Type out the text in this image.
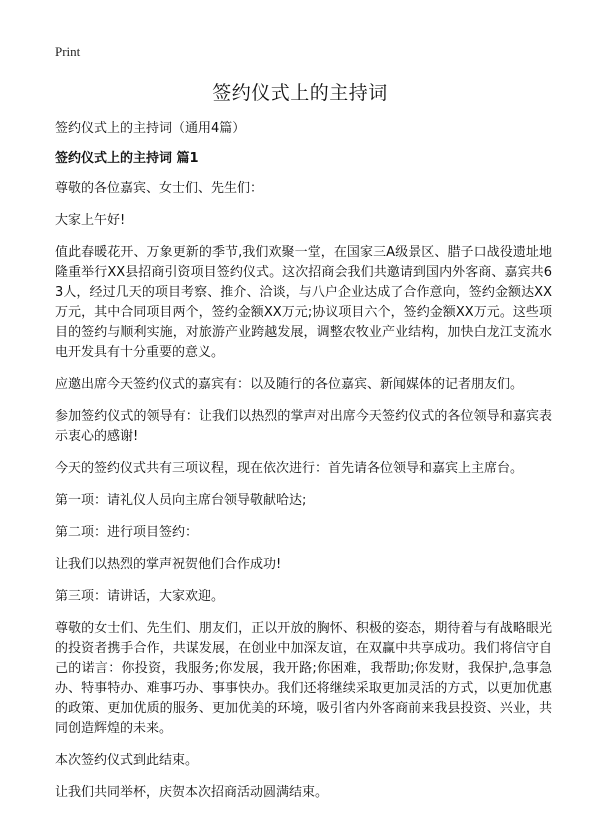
Print
签约仪式上的主持词

签约仪式上的主持词（通用4篇）

签约仪式上的主持词 篇1

尊敬的各位嘉宾、女士们、先生们：

大家上午好!

值此春暖花开、万象更新的季节,我们欢聚一堂，在国家三A级景区、腊子口战役遗址地隆重举行XX县招商引资项目签约仪式。这次招商会我们共邀请到国内外客商、嘉宾共63人，经过几天的项目考察、推介、洽谈，与八户企业达成了合作意向，签约金额达XX万元，其中合同项目两个，签约金额XX万元;协议项目六个，签约金额XX万元。这些项目的签约与顺利实施，对旅游产业跨越发展，调整农牧业产业结构，加快白龙江支流水电开发具有十分重要的意义。

应邀出席今天签约仪式的嘉宾有：以及随行的各位嘉宾、新闻媒体的记者朋友们。

参加签约仪式的领导有：让我们以热烈的掌声对出席今天签约仪式的各位领导和嘉宾表示衷心的感谢!

今天的签约仪式共有三项议程，现在依次进行：首先请各位领导和嘉宾上主席台。

第一项：请礼仪人员向主席台领导敬献哈达;

第二项：进行项目签约：

让我们以热烈的掌声祝贺他们合作成功!

第三项：请讲话，大家欢迎。

尊敬的女士们、先生们、朋友们，正以开放的胸怀、积极的姿态，期待着与有战略眼光的投资者携手合作，共谋发展，在创业中加深友谊，在双赢中共享成功。我们将信守自己的诺言：你投资，我服务;你发展，我开路;你困难，我帮助;你发财，我保护,急事急办、特事特办、难事巧办、事事快办。我们还将继续采取更加灵活的方式，以更加优惠的政策、更加优质的服务、更加优美的环境，吸引省内外客商前来我县投资、兴业，共同创造辉煌的未来。

本次签约仪式到此结束。

让我们共同举杯，庆贺本次招商活动圆满结束。
